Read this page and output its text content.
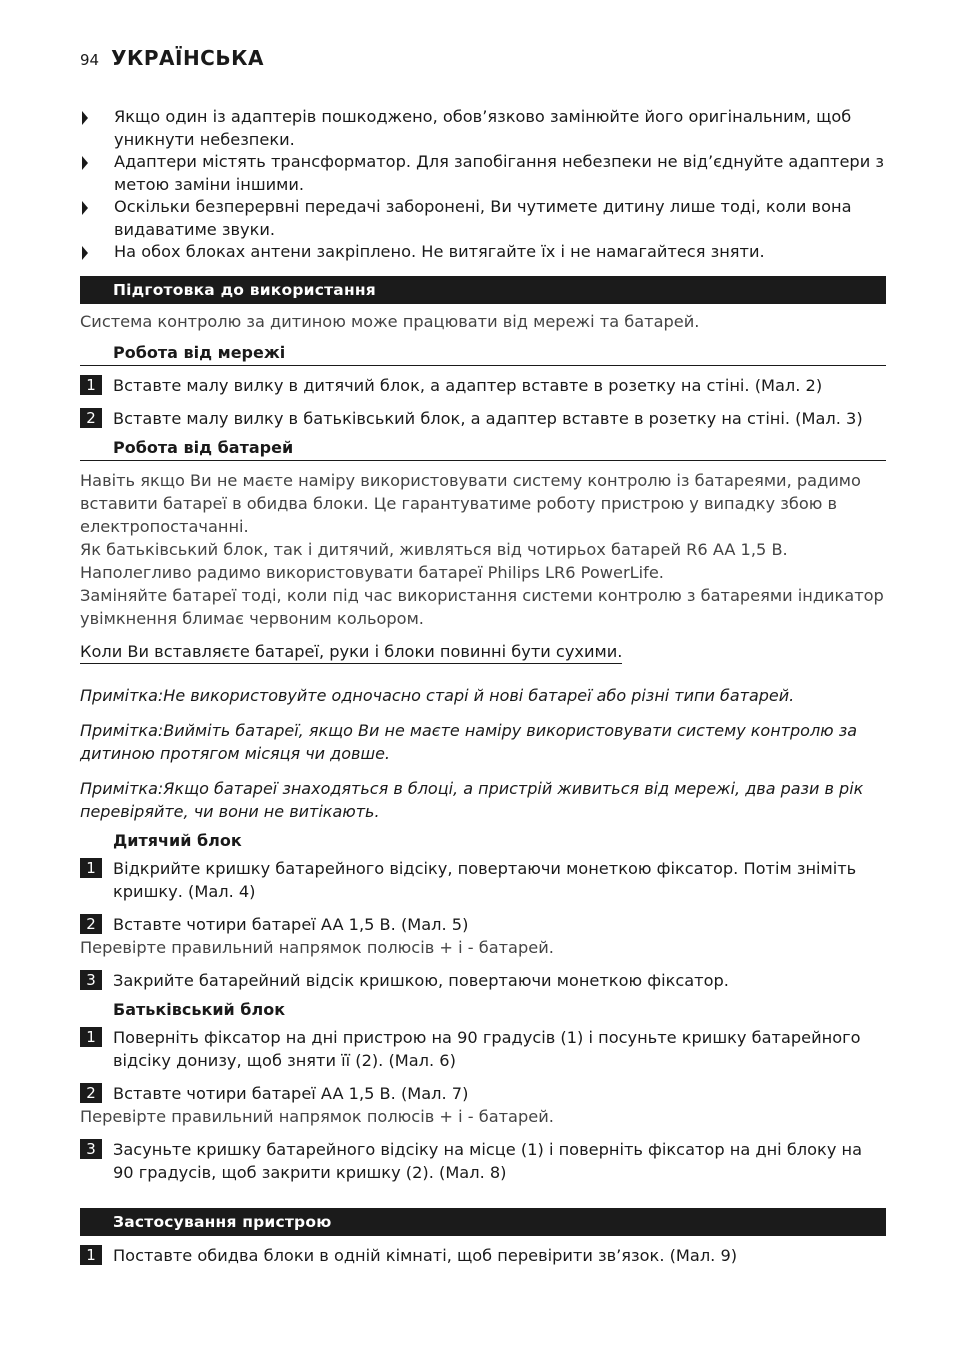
94 УКРАЇНСЬКА
Якщо один із адаптерів пошкоджено, обов’язково замінюйте його оригінальним, щоб уникнути небезпеки.
Адаптери містять трансформатор. Для запобігання небезпеки не від’єднуйте адаптери з метою заміни іншими.
Оскільки безперервні передачі заборонені, Ви чутимете дитину лише тоді, коли вона видаватиме звуки.
На обох блоках антени закріплено. Не витягайте їх і не намагайтеся зняти.
Підготовка до використання
Система контролю за дитиною може працювати від мережі та батарей.
Робота від мережі
1	Вставте малу вилку в дитячий блок, а адаптер вставте в розетку на стіні. (Мал. 2)
2	Вставте малу вилку в батьківський блок, а адаптер вставте в розетку на стіні. (Мал. 3)
Робота від батарей
Навіть якщо Ви не маєте наміру використовувати систему контролю із батареями, радимо вставити батареї в обидва блоки. Це гарантуватиме роботу пристрою у випадку збою в електропостачанні.
Як батьківський блок, так і дитячий, живляться від чотирьох батарей R6 AA 1,5 В. Наполегливо радимо використовувати батареї Philips LR6 PowerLife.
Заміняйте батареї тоді, коли під час використання системи контролю з батареями індикатор увімкнення блимає червоним кольором.
Коли Ви вставляєте батареї, руки і блоки повинні бути сухими.
Примітка:Не використовуйте одночасно старі й нові батареї або різні типи батарей.
Примітка:Вийміть батареї, якщо Ви не маєте наміру використовувати систему контролю за дитиною протягом місяця чи довше.
Примітка:Якщо батареї знаходяться в блоці, а пристрій живиться від мережі, два рази в рік перевіряйте, чи вони не витікають.
Дитячий блок
1	Відкрийте кришку батарейного відсіку, повертаючи монеткою фіксатор. Потім зніміть кришку. (Мал. 4)
2	Вставте чотири батареї AA 1,5 В. (Мал. 5)
Перевірте правильний напрямок полюсів + і - батарей.
3	Закрийте батарейний відсік кришкою, повертаючи монеткою фіксатор.
Батьківський блок
1	Поверніть фіксатор на дні пристрою на 90 градусів (1) і посуньте кришку батарейного відсіку донизу, щоб зняти її (2). (Мал. 6)
2	Вставте чотири батареї AA 1,5 В. (Мал. 7)
Перевірте правильний напрямок полюсів + і - батарей.
3	Засуньте кришку батарейного відсіку на місце (1) і поверніть фіксатор на дні блоку на 90 градусів, щоб закрити кришку (2). (Мал. 8)
Застосування пристрою
1	Поставте обидва блоки в одній кімнаті, щоб перевірити зв’язок. (Мал. 9)
